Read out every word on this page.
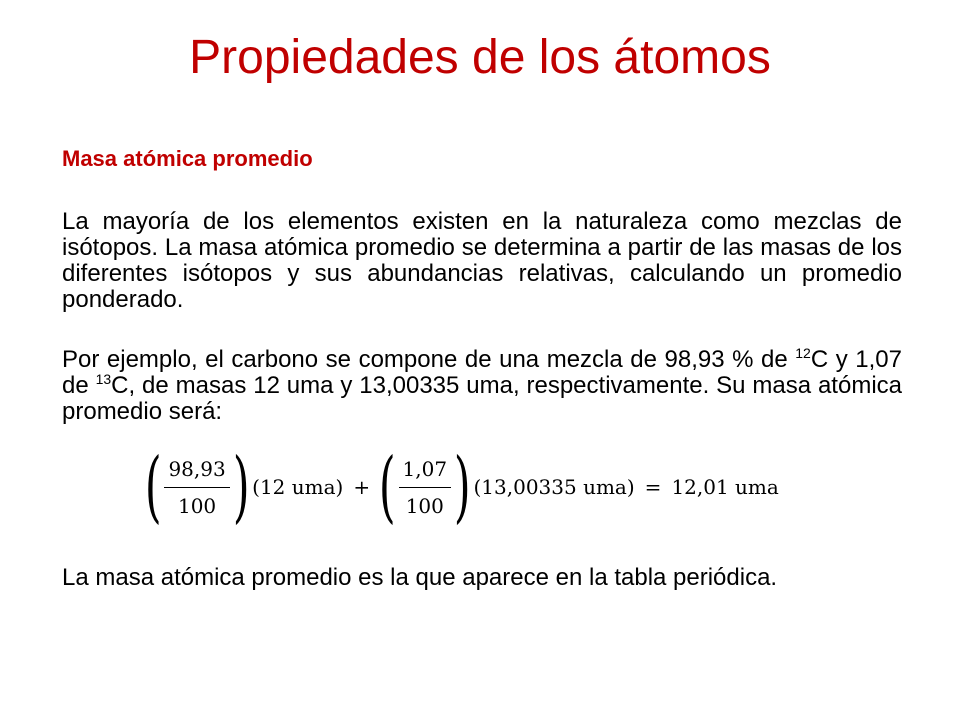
Propiedades de los átomos
Masa atómica promedio
La mayoría de los elementos existen en la naturaleza como mezclas de isótopos. La masa atómica promedio se determina a partir de las masas de los diferentes isótopos y sus abundancias relativas, calculando un promedio ponderado.
Por ejemplo, el carbono se compone de una mezcla de 98,93 % de $^{12}$C y 1,07 de $^{13}$C, de masas 12 uma y 13,00335 uma, respectivamente. Su masa atómica promedio será:
( $\frac{98,93}{100}$ ) (12 uma) + ( $\frac{1,07}{100}$ ) (13,00335 uma) = 12,01 uma
La masa atómica promedio es la que aparece en la tabla periódica.
